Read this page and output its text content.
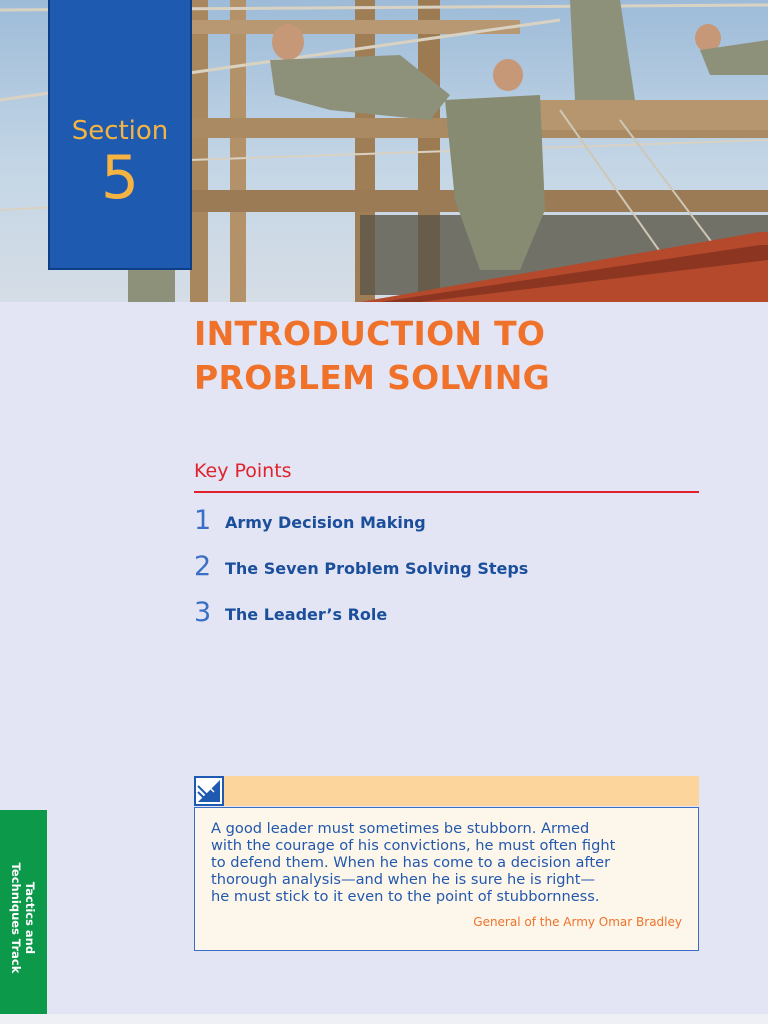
Section
5
INTRODUCTION TO
PROBLEM SOLVING
Key Points
1 Army Decision Making
2 The Seven Problem Solving Steps
3 The Leader’s Role
A good leader must sometimes be stubborn. Armed
with the courage of his convictions, he must often fight
to defend them. When he has come to a decision after
thorough analysis—and when he is sure he is right—
he must stick to it even to the point of stubbornness.
General of the Army Omar Bradley
Tactics and
Techniques Track
